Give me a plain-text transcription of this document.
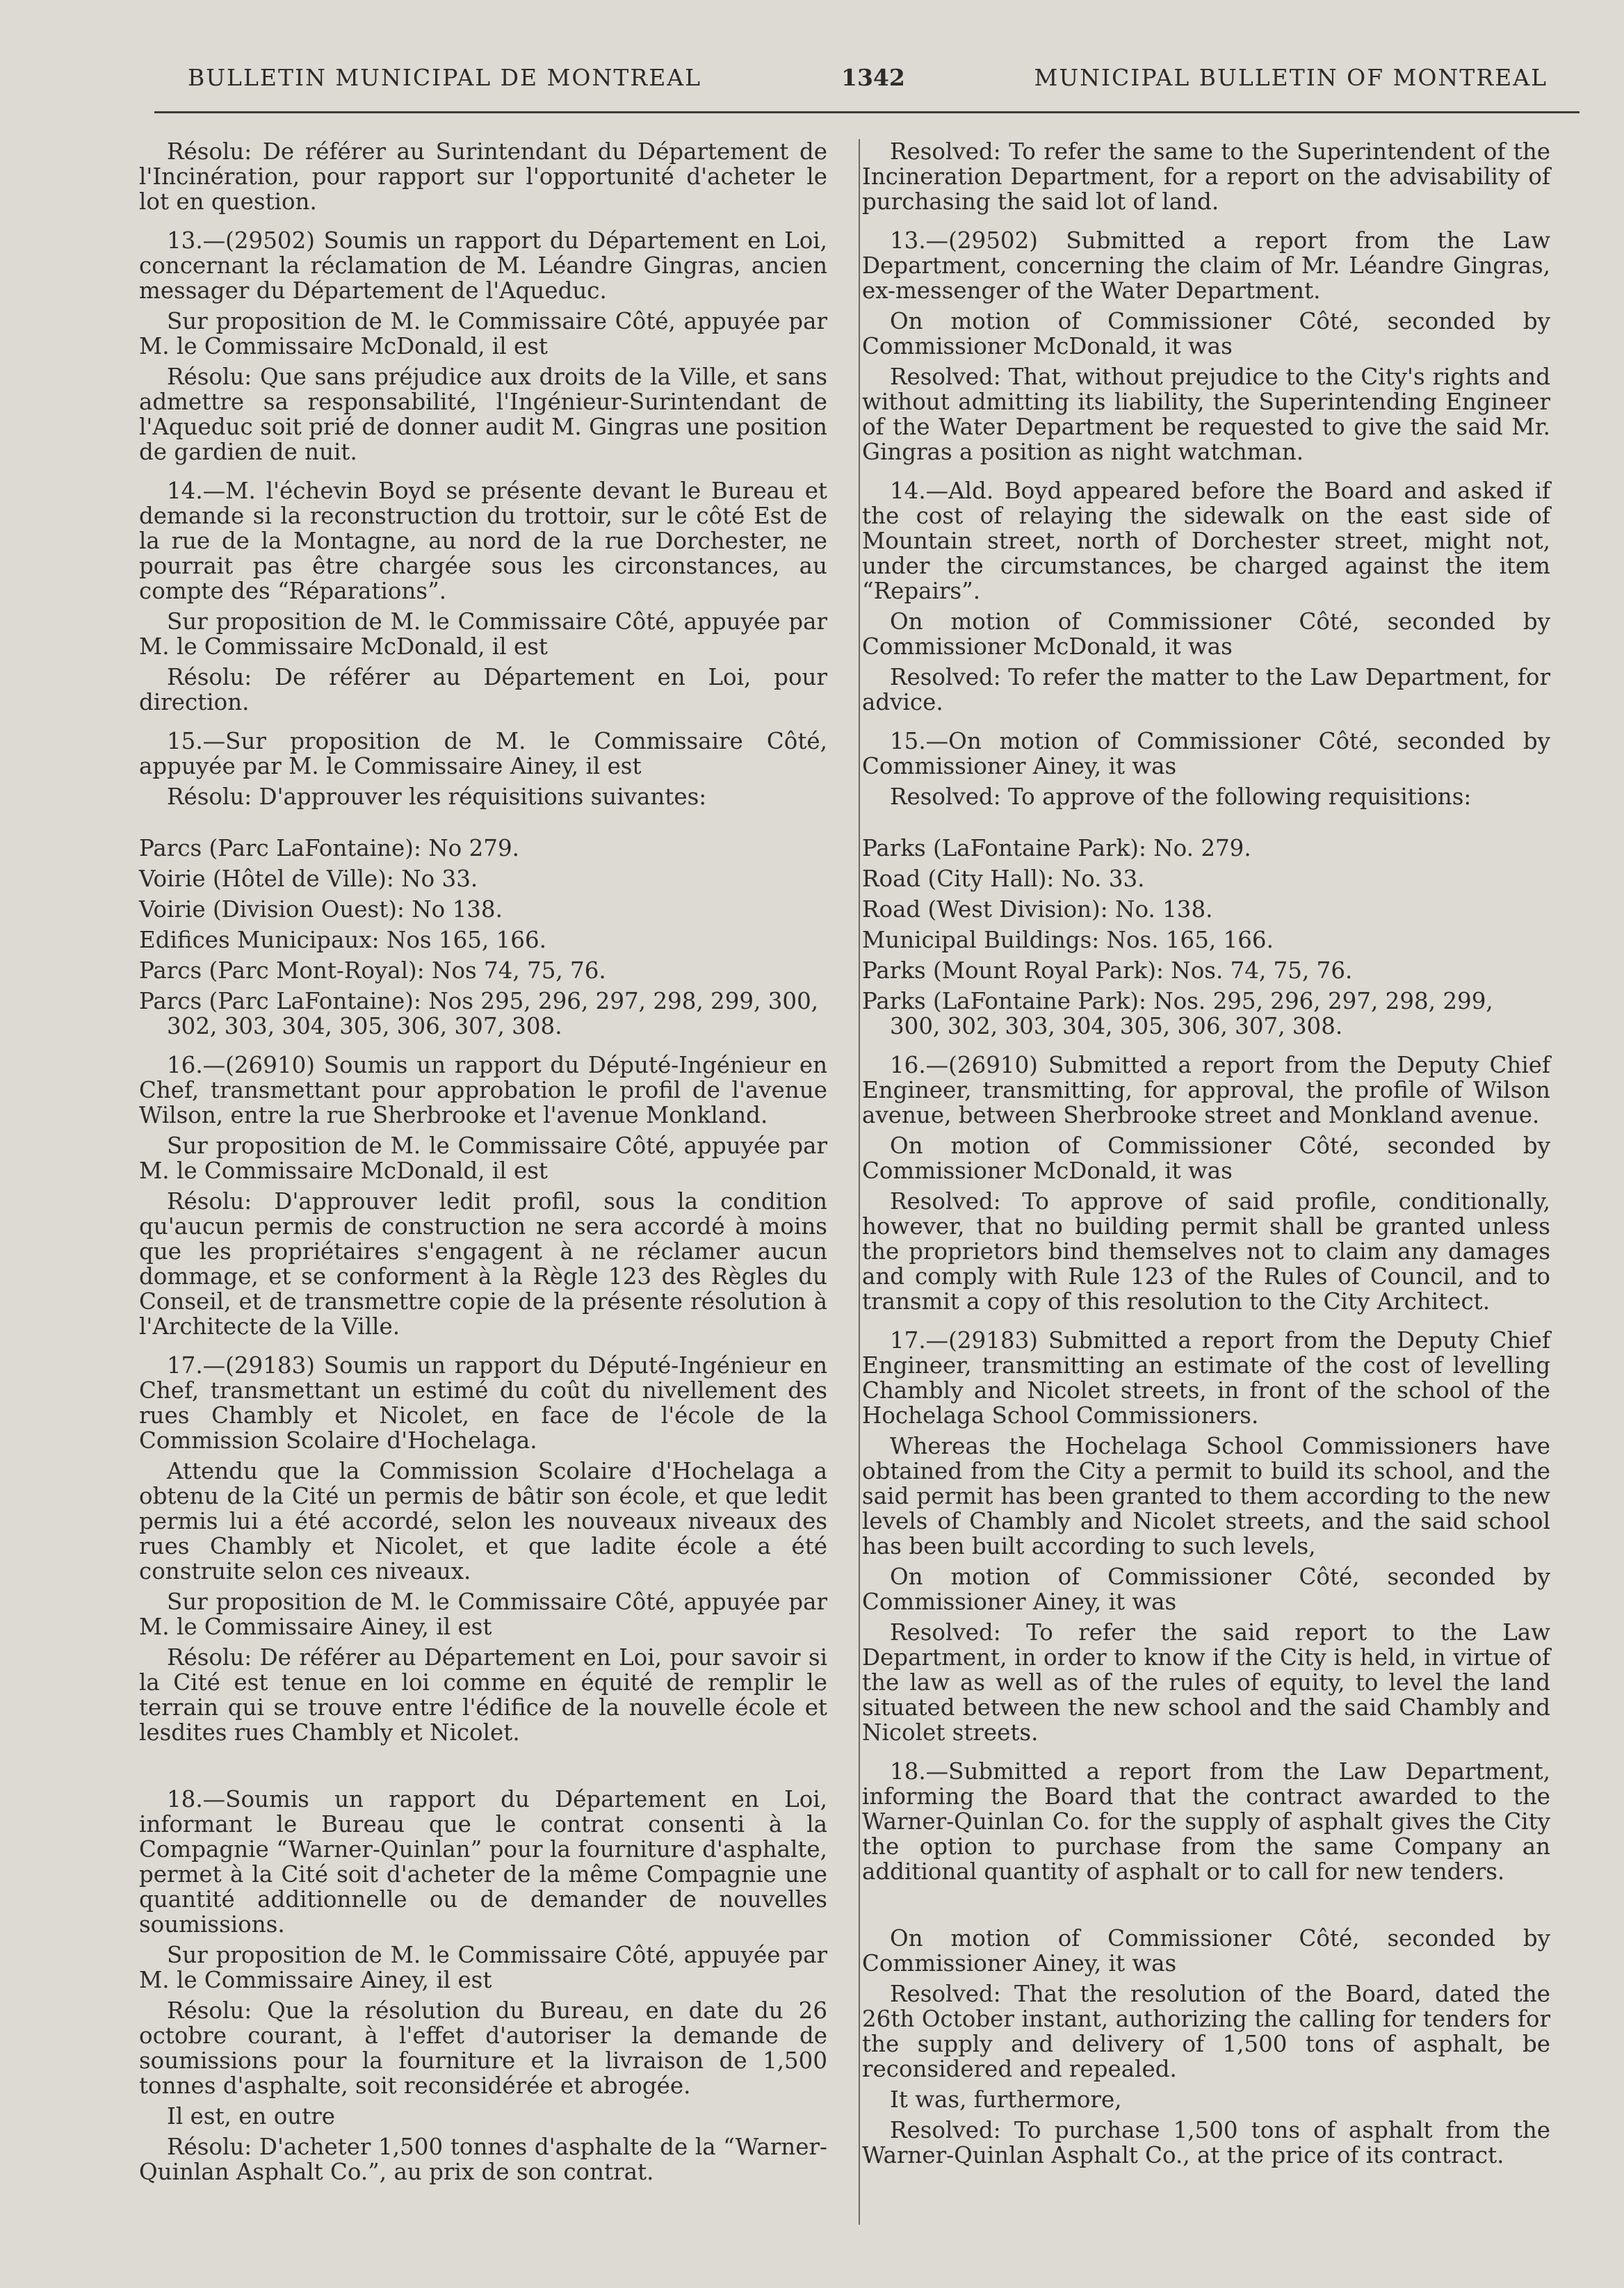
BULLETIN MUNICIPAL DE MONTREAL	1342	MUNICIPAL BULLETIN OF MONTREAL

Résolu: De référer au Surintendant du Département de l'Incinération, pour rapport sur l'opportunité d'acheter le lot en question.

13.—(29502) Soumis un rapport du Département en Loi, concernant la réclamation de M. Léandre Gingras, ancien messager du Département de l'Aqueduc.

Sur proposition de M. le Commissaire Côté, appuyée par M. le Commissaire McDonald, il est

Résolu: Que sans préjudice aux droits de la Ville, et sans admettre sa responsabilité, l'Ingénieur-Surintendant de l'Aqueduc soit prié de donner audit M. Gingras une position de gardien de nuit.

14.—M. l'échevin Boyd se présente devant le Bureau et demande si la reconstruction du trottoir, sur le côté Est de la rue de la Montagne, au nord de la rue Dorchester, ne pourrait pas être chargée sous les circonstances, au compte des “Réparations”.

Sur proposition de M. le Commissaire Côté, appuyée par M. le Commissaire McDonald, il est

Résolu: De référer au Département en Loi, pour direction.

15.—Sur proposition de M. le Commissaire Côté, appuyée par M. le Commissaire Ainey, il est

Résolu: D'approuver les réquisitions suivantes:

Parcs (Parc LaFontaine): No 279.

Voirie (Hôtel de Ville): No 33.

Voirie (Division Ouest): No 138.

Edifices Municipaux: Nos 165, 166.

Parcs (Parc Mont-Royal): Nos 74, 75, 76.

Parcs (Parc LaFontaine): Nos 295, 296, 297, 298, 299, 300, 302, 303, 304, 305, 306, 307, 308.

16.—(26910) Soumis un rapport du Député-Ingénieur en Chef, transmettant pour approbation le profil de l'avenue Wilson, entre la rue Sherbrooke et l'avenue Monkland.

Sur proposition de M. le Commissaire Côté, appuyée par M. le Commissaire McDonald, il est

Résolu: D'approuver ledit profil, sous la condition qu'aucun permis de construction ne sera accordé à moins que les propriétaires s'engagent à ne réclamer aucun dommage, et se conforment à la Règle 123 des Règles du Conseil, et de transmettre copie de la présente résolution à l'Architecte de la Ville.

17.—(29183) Soumis un rapport du Député-Ingénieur en Chef, transmettant un estimé du coût du nivellement des rues Chambly et Nicolet, en face de l'école de la Commission Scolaire d'Hochelaga.

Attendu que la Commission Scolaire d'Hochelaga a obtenu de la Cité un permis de bâtir son école, et que ledit permis lui a été accordé, selon les nouveaux niveaux des rues Chambly et Nicolet, et que ladite école a été construite selon ces niveaux.

Sur proposition de M. le Commissaire Côté, appuyée par M. le Commissaire Ainey, il est

Résolu: De référer au Département en Loi, pour savoir si la Cité est tenue en loi comme en équité de remplir le terrain qui se trouve entre l'édifice de la nouvelle école et lesdites rues Chambly et Nicolet.

18.—Soumis un rapport du Département en Loi, informant le Bureau que le contrat consenti à la Compagnie “Warner-Quinlan” pour la fourniture d'asphalte, permet à la Cité soit d'acheter de la même Compagnie une quantité additionnelle ou de demander de nouvelles soumissions.

Sur proposition de M. le Commissaire Côté, appuyée par M. le Commissaire Ainey, il est

Résolu: Que la résolution du Bureau, en date du 26 octobre courant, à l'effet d'autoriser la demande de soumissions pour la fourniture et la livraison de 1,500 tonnes d'asphalte, soit reconsidérée et abrogée.

Il est, en outre

Résolu: D'acheter 1,500 tonnes d'asphalte de la “Warner-Quinlan Asphalt Co.”, au prix de son contrat.

Resolved: To refer the same to the Superintendent of the Incineration Department, for a report on the advisability of purchasing the said lot of land.

13.—(29502) Submitted a report from the Law Department, concerning the claim of Mr. Léandre Gingras, ex-messenger of the Water Department.

On motion of Commissioner Côté, seconded by Commissioner McDonald, it was

Resolved: That, without prejudice to the City's rights and without admitting its liability, the Superintending Engineer of the Water Department be requested to give the said Mr. Gingras a position as night watchman.

14.—Ald. Boyd appeared before the Board and asked if the cost of relaying the sidewalk on the east side of Mountain street, north of Dorchester street, might not, under the circumstances, be charged against the item “Repairs”.

On motion of Commissioner Côté, seconded by Commissioner McDonald, it was

Resolved: To refer the matter to the Law Department, for advice.

15.—On motion of Commissioner Côté, seconded by Commissioner Ainey, it was

Resolved: To approve of the following requisitions:

Parks (LaFontaine Park): No. 279.

Road (City Hall): No. 33.

Road (West Division): No. 138.

Municipal Buildings: Nos. 165, 166.

Parks (Mount Royal Park): Nos. 74, 75, 76.

Parks (LaFontaine Park): Nos. 295, 296, 297, 298, 299, 300, 302, 303, 304, 305, 306, 307, 308.

16.—(26910) Submitted a report from the Deputy Chief Engineer, transmitting, for approval, the profile of Wilson avenue, between Sherbrooke street and Monkland avenue.

On motion of Commissioner Côté, seconded by Commissioner McDonald, it was

Resolved: To approve of said profile, conditionally, however, that no building permit shall be granted unless the proprietors bind themselves not to claim any damages and comply with Rule 123 of the Rules of Council, and to transmit a copy of this resolution to the City Architect.

17.—(29183) Submitted a report from the Deputy Chief Engineer, transmitting an estimate of the cost of levelling Chambly and Nicolet streets, in front of the school of the Hochelaga School Commissioners.

Whereas the Hochelaga School Commissioners have obtained from the City a permit to build its school, and the said permit has been granted to them according to the new levels of Chambly and Nicolet streets, and the said school has been built according to such levels,

On motion of Commissioner Côté, seconded by Commissioner Ainey, it was

Resolved: To refer the said report to the Law Department, in order to know if the City is held, in virtue of the law as well as of the rules of equity, to level the land situated between the new school and the said Chambly and Nicolet streets.

18.—Submitted a report from the Law Department, informing the Board that the contract awarded to the Warner-Quinlan Co. for the supply of asphalt gives the City the option to purchase from the same Company an additional quantity of asphalt or to call for new tenders.

On motion of Commissioner Côté, seconded by Commissioner Ainey, it was

Resolved: That the resolution of the Board, dated the 26th October instant, authorizing the calling for tenders for the supply and delivery of 1,500 tons of asphalt, be reconsidered and repealed.

It was, furthermore,

Resolved: To purchase 1,500 tons of asphalt from the Warner-Quinlan Asphalt Co., at the price of its contract.
